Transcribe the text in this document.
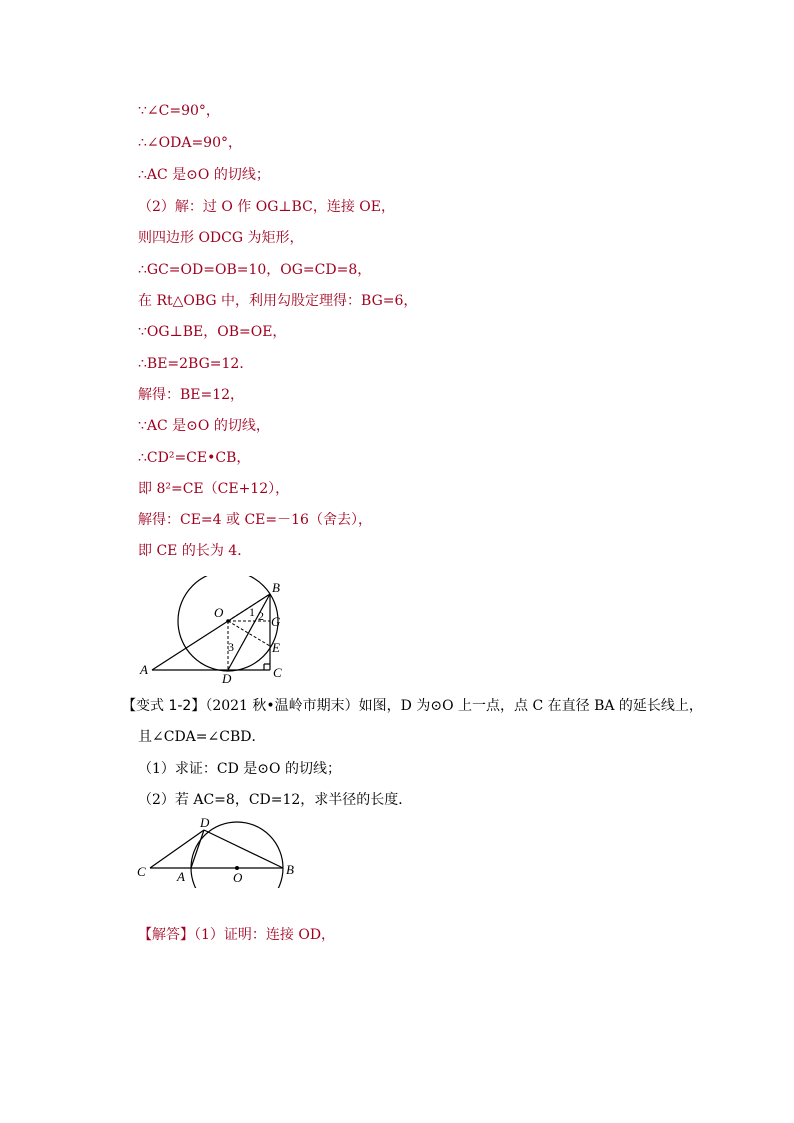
∵∠C=90°，
∴∠ODA=90°，
∴AC 是⊙O 的切线；
（2）解：过 O 作 OG⊥BC，连接 OE，
则四边形 ODCG 为矩形，
∴GC=OD=OB=10，OG=CD=8，
在 Rt△OBG 中，利用勾股定理得：BG=6，
∵OG⊥BE，OB=OE，
∴BE=2BG=12．
解得：BE=12，
∵AC 是⊙O 的切线，
∴CD²=CE•CB，
即 8²=CE（CE+12），
解得：CE=4 或 CE=－16（舍去），
即 CE 的长为 4．
A
B
C
D
E
G
O 1 2
3
【变式 1-2】（2021 秋•温岭市期末）如图，D 为⊙O 上一点，点 C 在直径 BA 的延长线上，
且∠CDA=∠CBD．
（1）求证：CD 是⊙O 的切线；
（2）若 AC=8，CD=12，求半径的长度．
C A	O
B
D
【解答】（1）证明：连接 OD，
